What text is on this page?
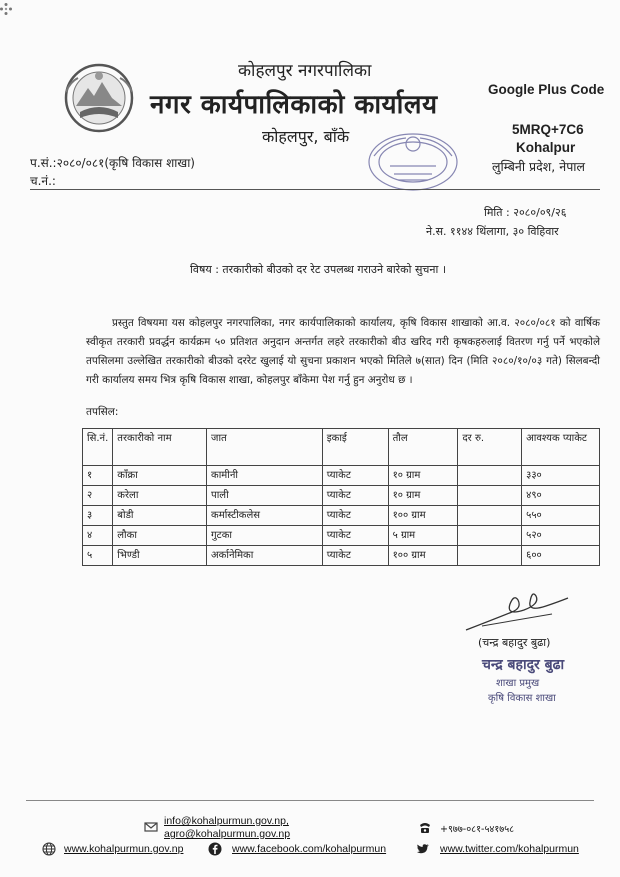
कोहलपुर नगरपालिका
नगर कार्यपालिकाको कार्यालय
कोहलपुर, बाँके
Google Plus Code
5MRQ+7C6
Kohalpur
लुम्बिनी प्रदेश, नेपाल
प.सं.:२०८०/०८१(कृषि विकास शाखा)
च.नं.:
मिति : २०८०/०९/२६
ने.स. ११४४ थिंलागा, ३० विहिवार
विषय : तरकारीको बीउको दर रेट उपलब्ध गराउने बारेको सुचना ।
प्रस्तुत विषयमा यस कोहलपुर नगरपालिका, नगर कार्यपालिकाको कार्यालय, कृषि विकास शाखाको आ.व. २०८०/०८१ को वार्षिक स्वीकृत तरकारी प्रवर्द्धन कार्यक्रम ५० प्रतिशत अनुदान अन्तर्गत लहरे तरकारीको बीउ खरिद गरी कृषकहरुलाई वितरण गर्नु पर्ने भएकोले तपसिलमा उल्लेखित तरकारीको बीउको दररेट खुलाई यो सुचना प्रकाशन भएको मितिले ७(सात) दिन (मिति २०८०/१०/०३ गते) सिलबन्दी गरी कार्यालय समय भित्र कृषि विकास शाखा, कोहलपुर बाँकेमा पेश गर्नु हुन अनुरोध छ ।
तपसिल:
सि.नं.	तरकारीको नाम	जात	इकाई	तौल	दर रु.	आवश्यक प्याकेट
१	काँक्रा	कामीनी	प्याकेट	१० ग्राम		३३०
२	करेला	पाली	प्याकेट	१० ग्राम		४९०
३	बोडी	कर्मास्टीकलेस	प्याकेट	१०० ग्राम		५५०
४	लौका	गुटका	प्याकेट	५ ग्राम		५२०
५	भिण्डी	अर्कानेमिका	प्याकेट	१०० ग्राम		६००
(चन्द्र बहादुर बुढा)
चन्द्र बहादुर बुढा
शाखा प्रमुख
कृषि विकास शाखा
info@kohalpurmun.gov.np,
agro@kohalpurmun.gov.np	+९७७-०८१-५४१७५८
www.kohalpurmun.gov.np	www.facebook.com/kohalpurmun	www.twitter.com/kohalpurmun
